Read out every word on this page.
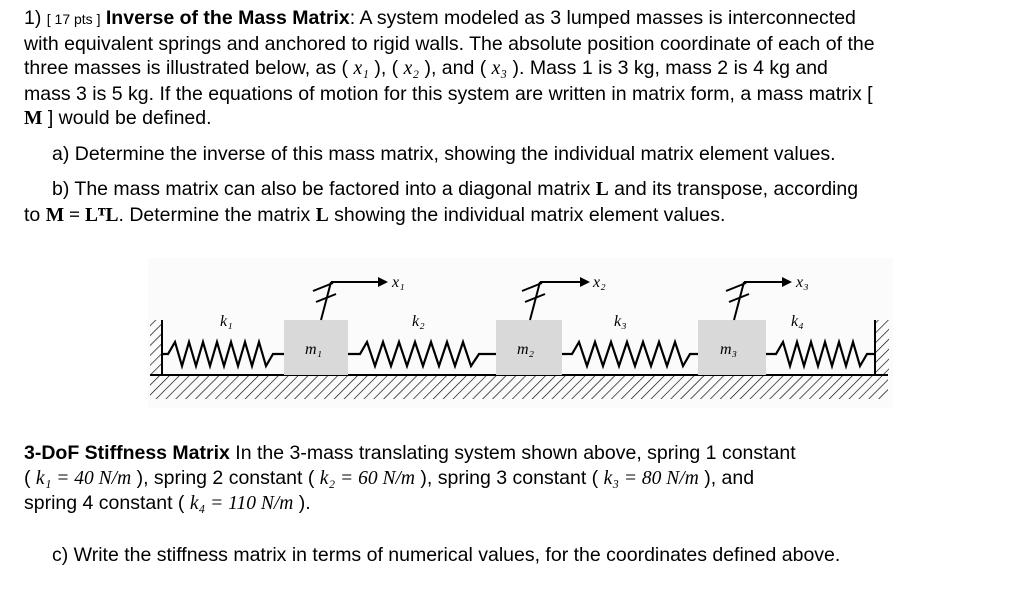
1) [ 17 pts ] Inverse of the Mass Matrix: A system modeled as 3 lumped masses is interconnected
with equivalent springs and anchored to rigid walls. The absolute position coordinate of each of the
three masses is illustrated below, as ( x₁ ), ( x₂ ), and ( x₃ ). Mass 1 is 3 kg, mass 2 is 4 kg and
mass 3 is 5 kg. If the equations of motion for this system are written in matrix form, a mass matrix [
M ] would be defined.
a) Determine the inverse of this mass matrix, showing the individual matrix element values.
b) The mass matrix can also be factored into a diagonal matrix L and its transpose, according
to M = LᵀL. Determine the matrix L showing the individual matrix element values.
x₁	x₂	x₃
k₁	k₂	k₃	k₄
m₁	m₂	m₃
3-DoF Stiffness Matrix In the 3-mass translating system shown above, spring 1 constant
( k₁ = 40 N/m ), spring 2 constant ( k₂ = 60 N/m ), spring 3 constant ( k₃ = 80 N/m ), and
spring 4 constant ( k₄ = 110 N/m ).
c) Write the stiffness matrix in terms of numerical values, for the coordinates defined above.
